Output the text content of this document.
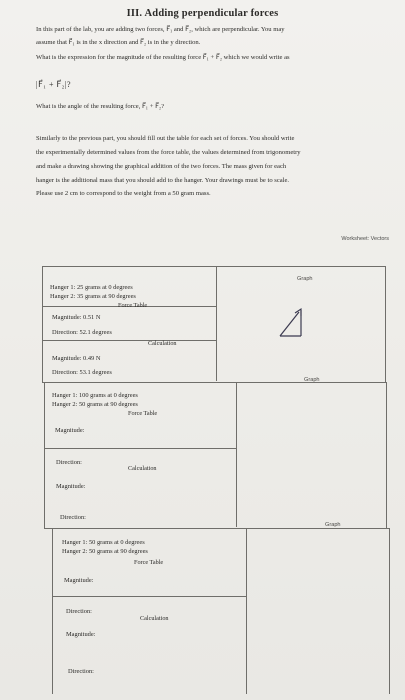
III. Adding perpendicular forces
In this part of the lab, you are adding two forces, F⃗₁ and F⃗₂, which are perpendicular. You may
assume that F⃗₁ is in the x direction and F⃗₂ is in the y direction.
What is the expression for the magnitude of the resulting force F⃗₁ + F⃗₂ which we would write as
|F⃗₁ + F⃗₂|?
What is the angle of the resulting force, F⃗₁ + F⃗₂?
Similarly to the previous part, you should fill out the table for each set of forces. You should write
the experimentally determined values from the force table, the values determined from trigonometry
and make a drawing showing the graphical addition of the two forces. The mass given for each
hanger is the additional mass that you should add to the hanger. Your drawings must be to scale.
Please use 2 cm to correspond to the weight from a 50 gram mass.
Worksheet: Vectors
Hanger 1: 25 grams at 0 degrees
Hanger 2: 35 grams at 90 degrees
Force Table
Magnitude: 0.51 N
Direction: 52.1 degrees
Calculation
Magnitude: 0.49 N
Direction: 53.1 degrees
Graph
Hanger 1: 100 grams at 0 degrees
Hanger 2: 50 grams at 90 degrees
Force Table
Magnitude:
Direction:
Calculation
Magnitude:
Direction:
Graph
Hanger 1: 50 grams at 0 degrees
Hanger 2: 50 grams at 90 degrees
Force Table
Magnitude:
Direction:
Calculation
Magnitude:
Direction:
Graph
